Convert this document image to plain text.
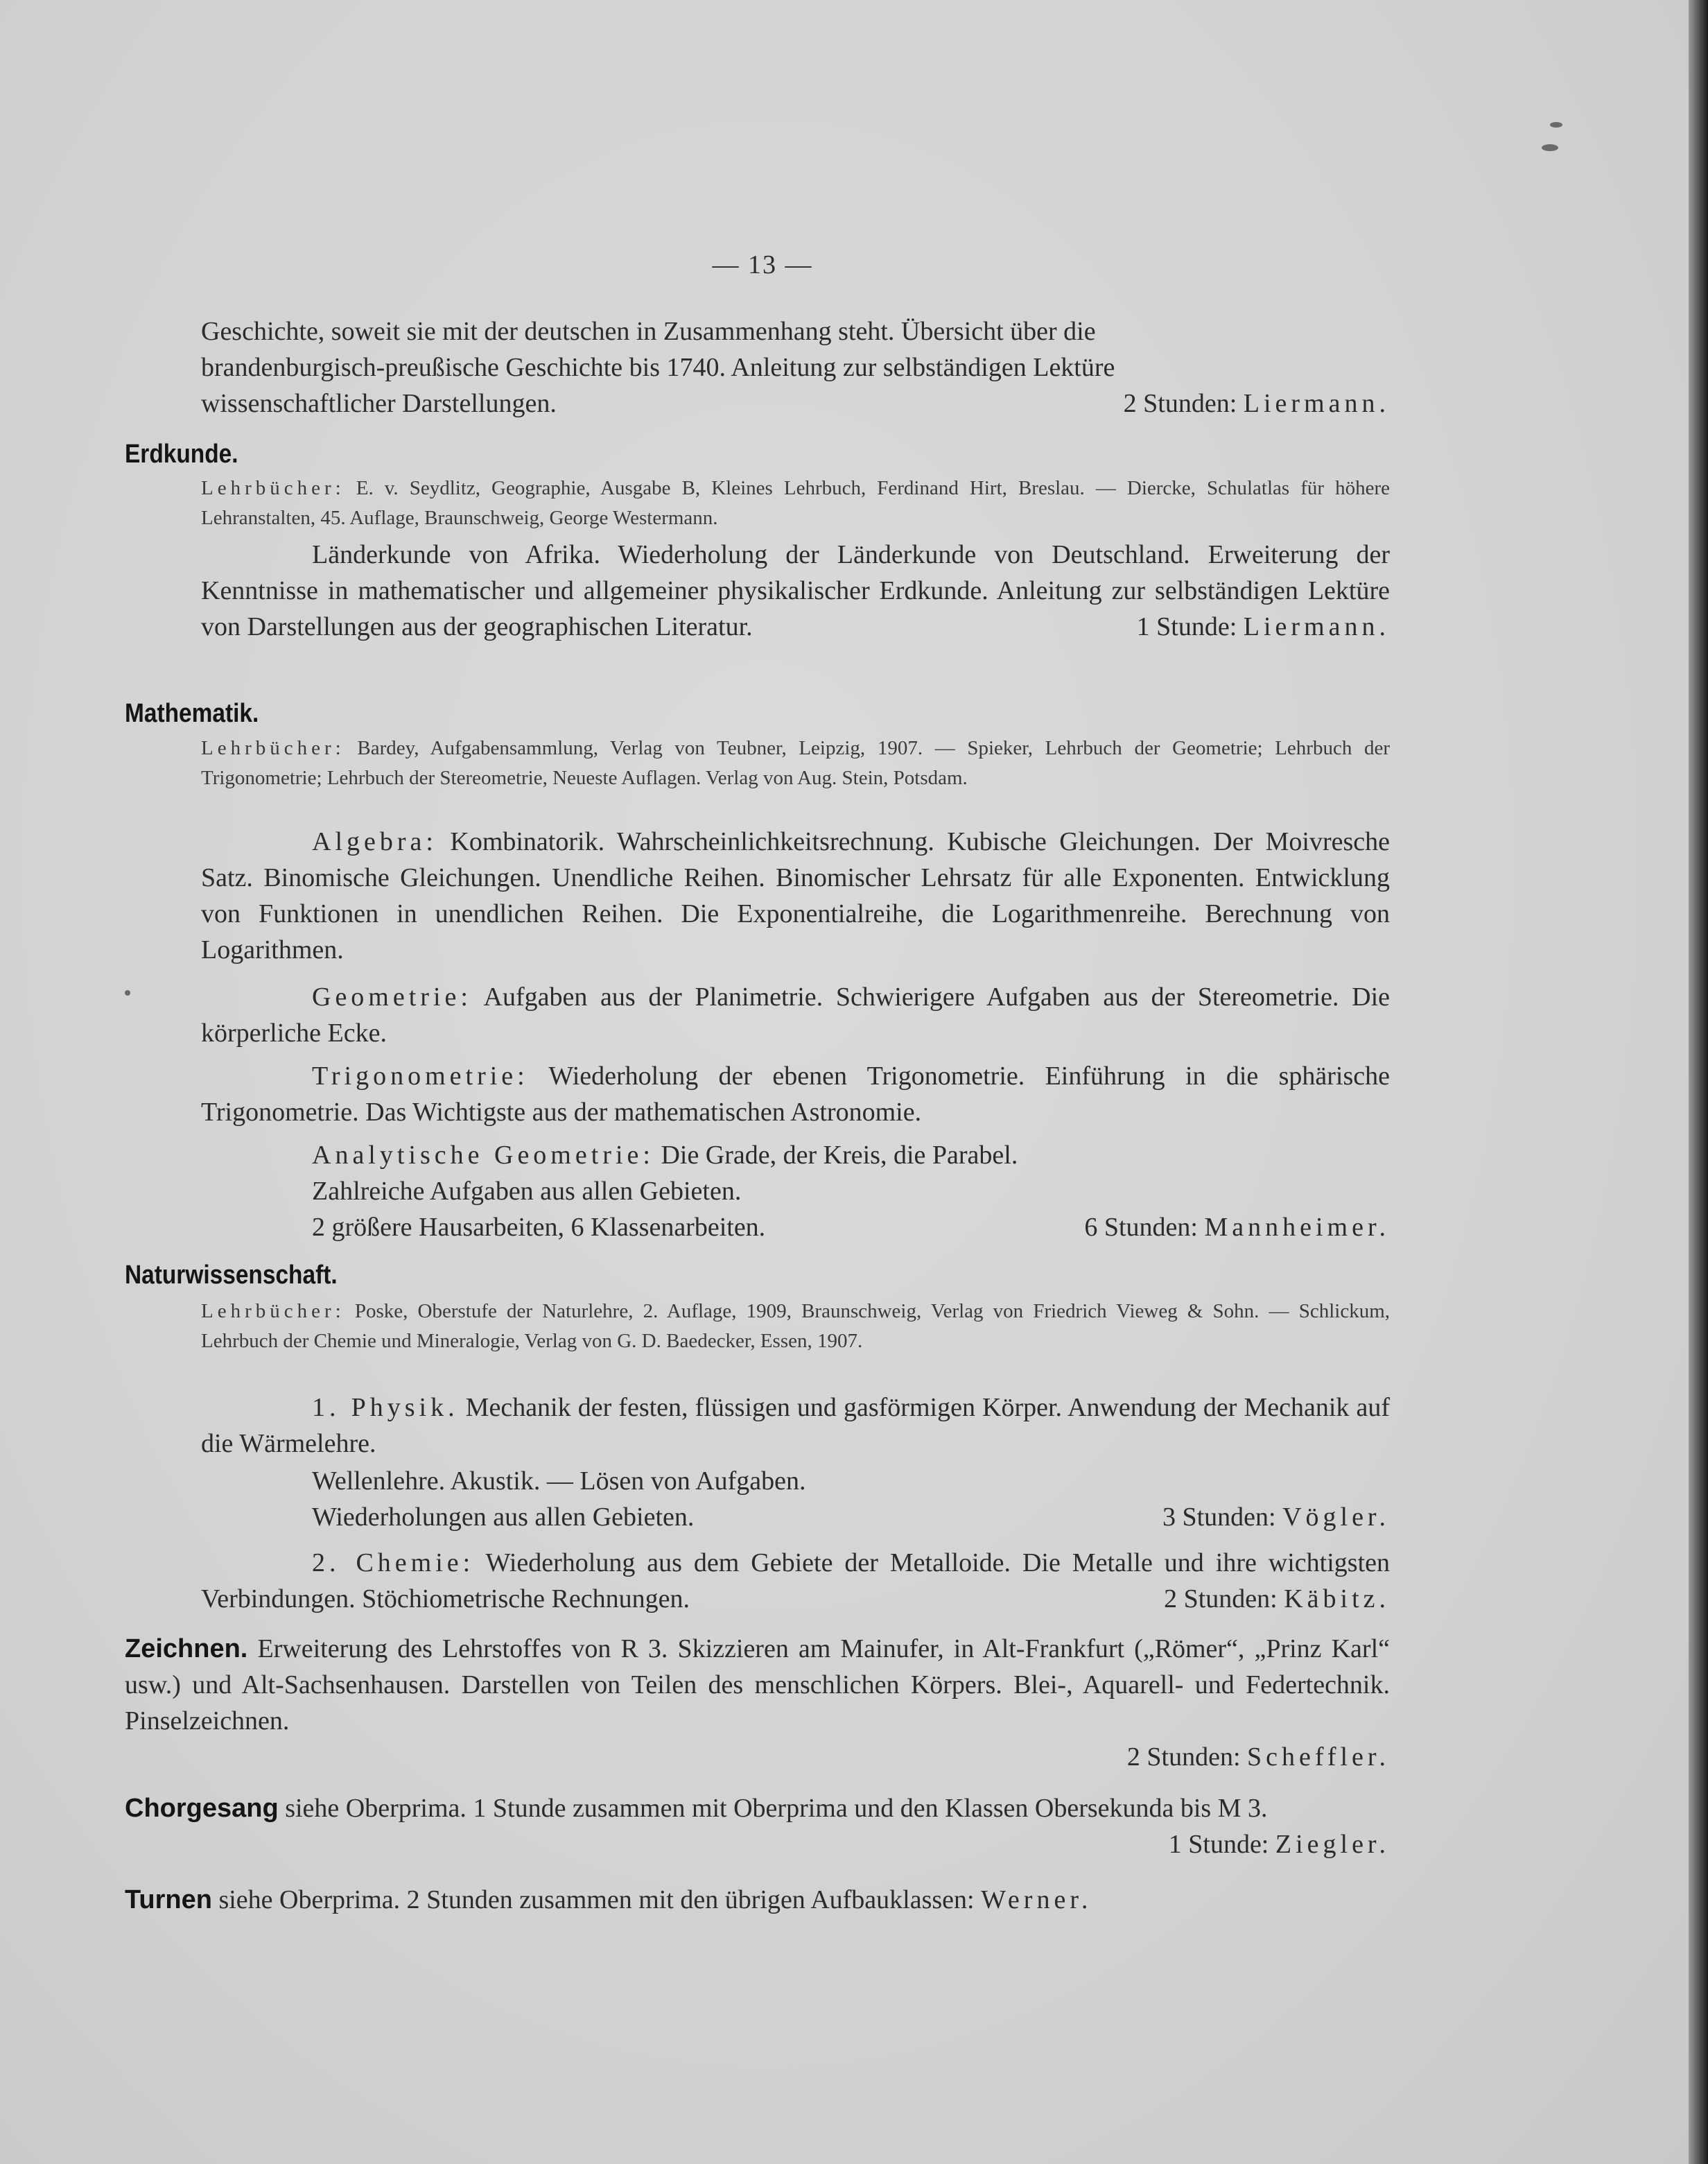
— 13 —
Geschichte, soweit sie mit der deutschen in Zusammenhang steht. Übersicht über die
brandenburgisch-preußische Geschichte bis 1740. Anleitung zur selbständigen Lektüre
wissenschaftlicher Darstellungen.	2 Stunden: Liermann.
Erdkunde.
Lehrbücher: E. v. Seydlitz, Geographie, Ausgabe B, Kleines Lehrbuch, Ferdinand Hirt, Breslau. — Diercke, Schulatlas für höhere Lehranstalten, 45. Auflage, Braunschweig, George Westermann.
Länderkunde von Afrika. Wiederholung der Länderkunde von Deutschland. Erweiterung der Kenntnisse in mathematischer und allgemeiner physikalischer Erdkunde. Anleitung zur selbständigen Lektüre von Darstellungen aus der geographischen Literatur.	1 Stunde: Liermann.
Mathematik.
Lehrbücher: Bardey, Aufgabensammlung, Verlag von Teubner, Leipzig, 1907. — Spieker, Lehrbuch der Geometrie; Lehrbuch der Trigonometrie; Lehrbuch der Stereometrie, Neueste Auflagen. Verlag von Aug. Stein, Potsdam.
Algebra: Kombinatorik. Wahrscheinlichkeitsrechnung. Kubische Gleichungen. Der Moivresche Satz. Binomische Gleichungen. Unendliche Reihen. Binomischer Lehrsatz für alle Exponenten. Entwicklung von Funktionen in unendlichen Reihen. Die Exponentialreihe, die Logarithmenreihe. Berechnung von Logarithmen.
Geometrie: Aufgaben aus der Planimetrie. Schwierigere Aufgaben aus der Stereometrie. Die körperliche Ecke.
Trigonometrie: Wiederholung der ebenen Trigonometrie. Einführung in die sphärische Trigonometrie. Das Wichtigste aus der mathematischen Astronomie.
Analytische Geometrie: Die Grade, der Kreis, die Parabel.
Zahlreiche Aufgaben aus allen Gebieten.
2 größere Hausarbeiten, 6 Klassenarbeiten.	6 Stunden: Mannheimer.
Naturwissenschaft.
Lehrbücher: Poske, Oberstufe der Naturlehre, 2. Auflage, 1909, Braunschweig, Verlag von Friedrich Vieweg & Sohn. — Schlickum, Lehrbuch der Chemie und Mineralogie, Verlag von G. D. Baedecker, Essen, 1907.
1. Physik. Mechanik der festen, flüssigen und gasförmigen Körper. Anwendung der Mechanik auf die Wärmelehre.
Wellenlehre. Akustik. — Lösen von Aufgaben.
Wiederholungen aus allen Gebieten.	3 Stunden: Vögler.
2. Chemie: Wiederholung aus dem Gebiete der Metalloide. Die Metalle und ihre wichtigsten Verbindungen. Stöchiometrische Rechnungen.	2 Stunden: Käbitz.
Zeichnen. Erweiterung des Lehrstoffes von R 3. Skizzieren am Mainufer, in Alt-Frankfurt („Römer“, „Prinz Karl“ usw.) und Alt-Sachsenhausen. Darstellen von Teilen des menschlichen Körpers. Blei-, Aquarell- und Federtechnik. Pinselzeichnen.
2 Stunden: Scheffler.
Chorgesang siehe Oberprima. 1 Stunde zusammen mit Oberprima und den Klassen Obersekunda bis M 3.
1 Stunde: Ziegler.
Turnen siehe Oberprima. 2 Stunden zusammen mit den übrigen Aufbauklassen: Werner.
